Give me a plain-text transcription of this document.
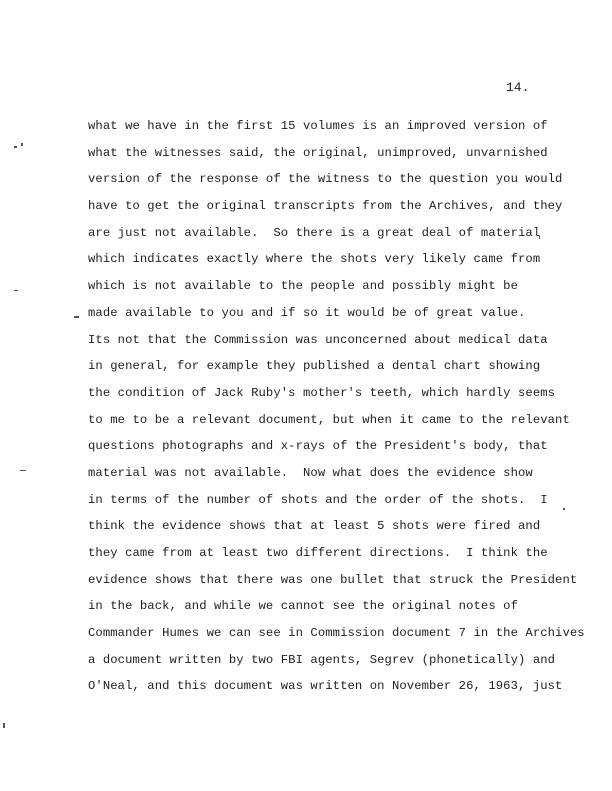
14.
what we have in the first 15 volumes is an improved version of
what the witnesses said, the original, unimproved, unvarnished
version of the response of the witness to the question you would
have to get the original transcripts from the Archives, and they
are just not available.  So there is a great deal of material
which indicates exactly where the shots very likely came from
which is not available to the people and possibly might be
made available to you and if so it would be of great value.
Its not that the Commission was unconcerned about medical data
in general, for example they published a dental chart showing
the condition of Jack Ruby's mother's teeth, which hardly seems
to me to be a relevant document, but when it came to the relevant
questions photographs and x-rays of the President's body, that
material was not available.  Now what does the evidence show
in terms of the number of shots and the order of the shots.  I
think the evidence shows that at least 5 shots were fired and
they came from at least two different directions.  I think the
evidence shows that there was one bullet that struck the President
in the back, and while we cannot see the original notes of
Commander Humes we can see in Commission document 7 in the Archives
a document written by two FBI agents, Segrev (phonetically) and
O'Neal, and this document was written on November 26, 1963, just
